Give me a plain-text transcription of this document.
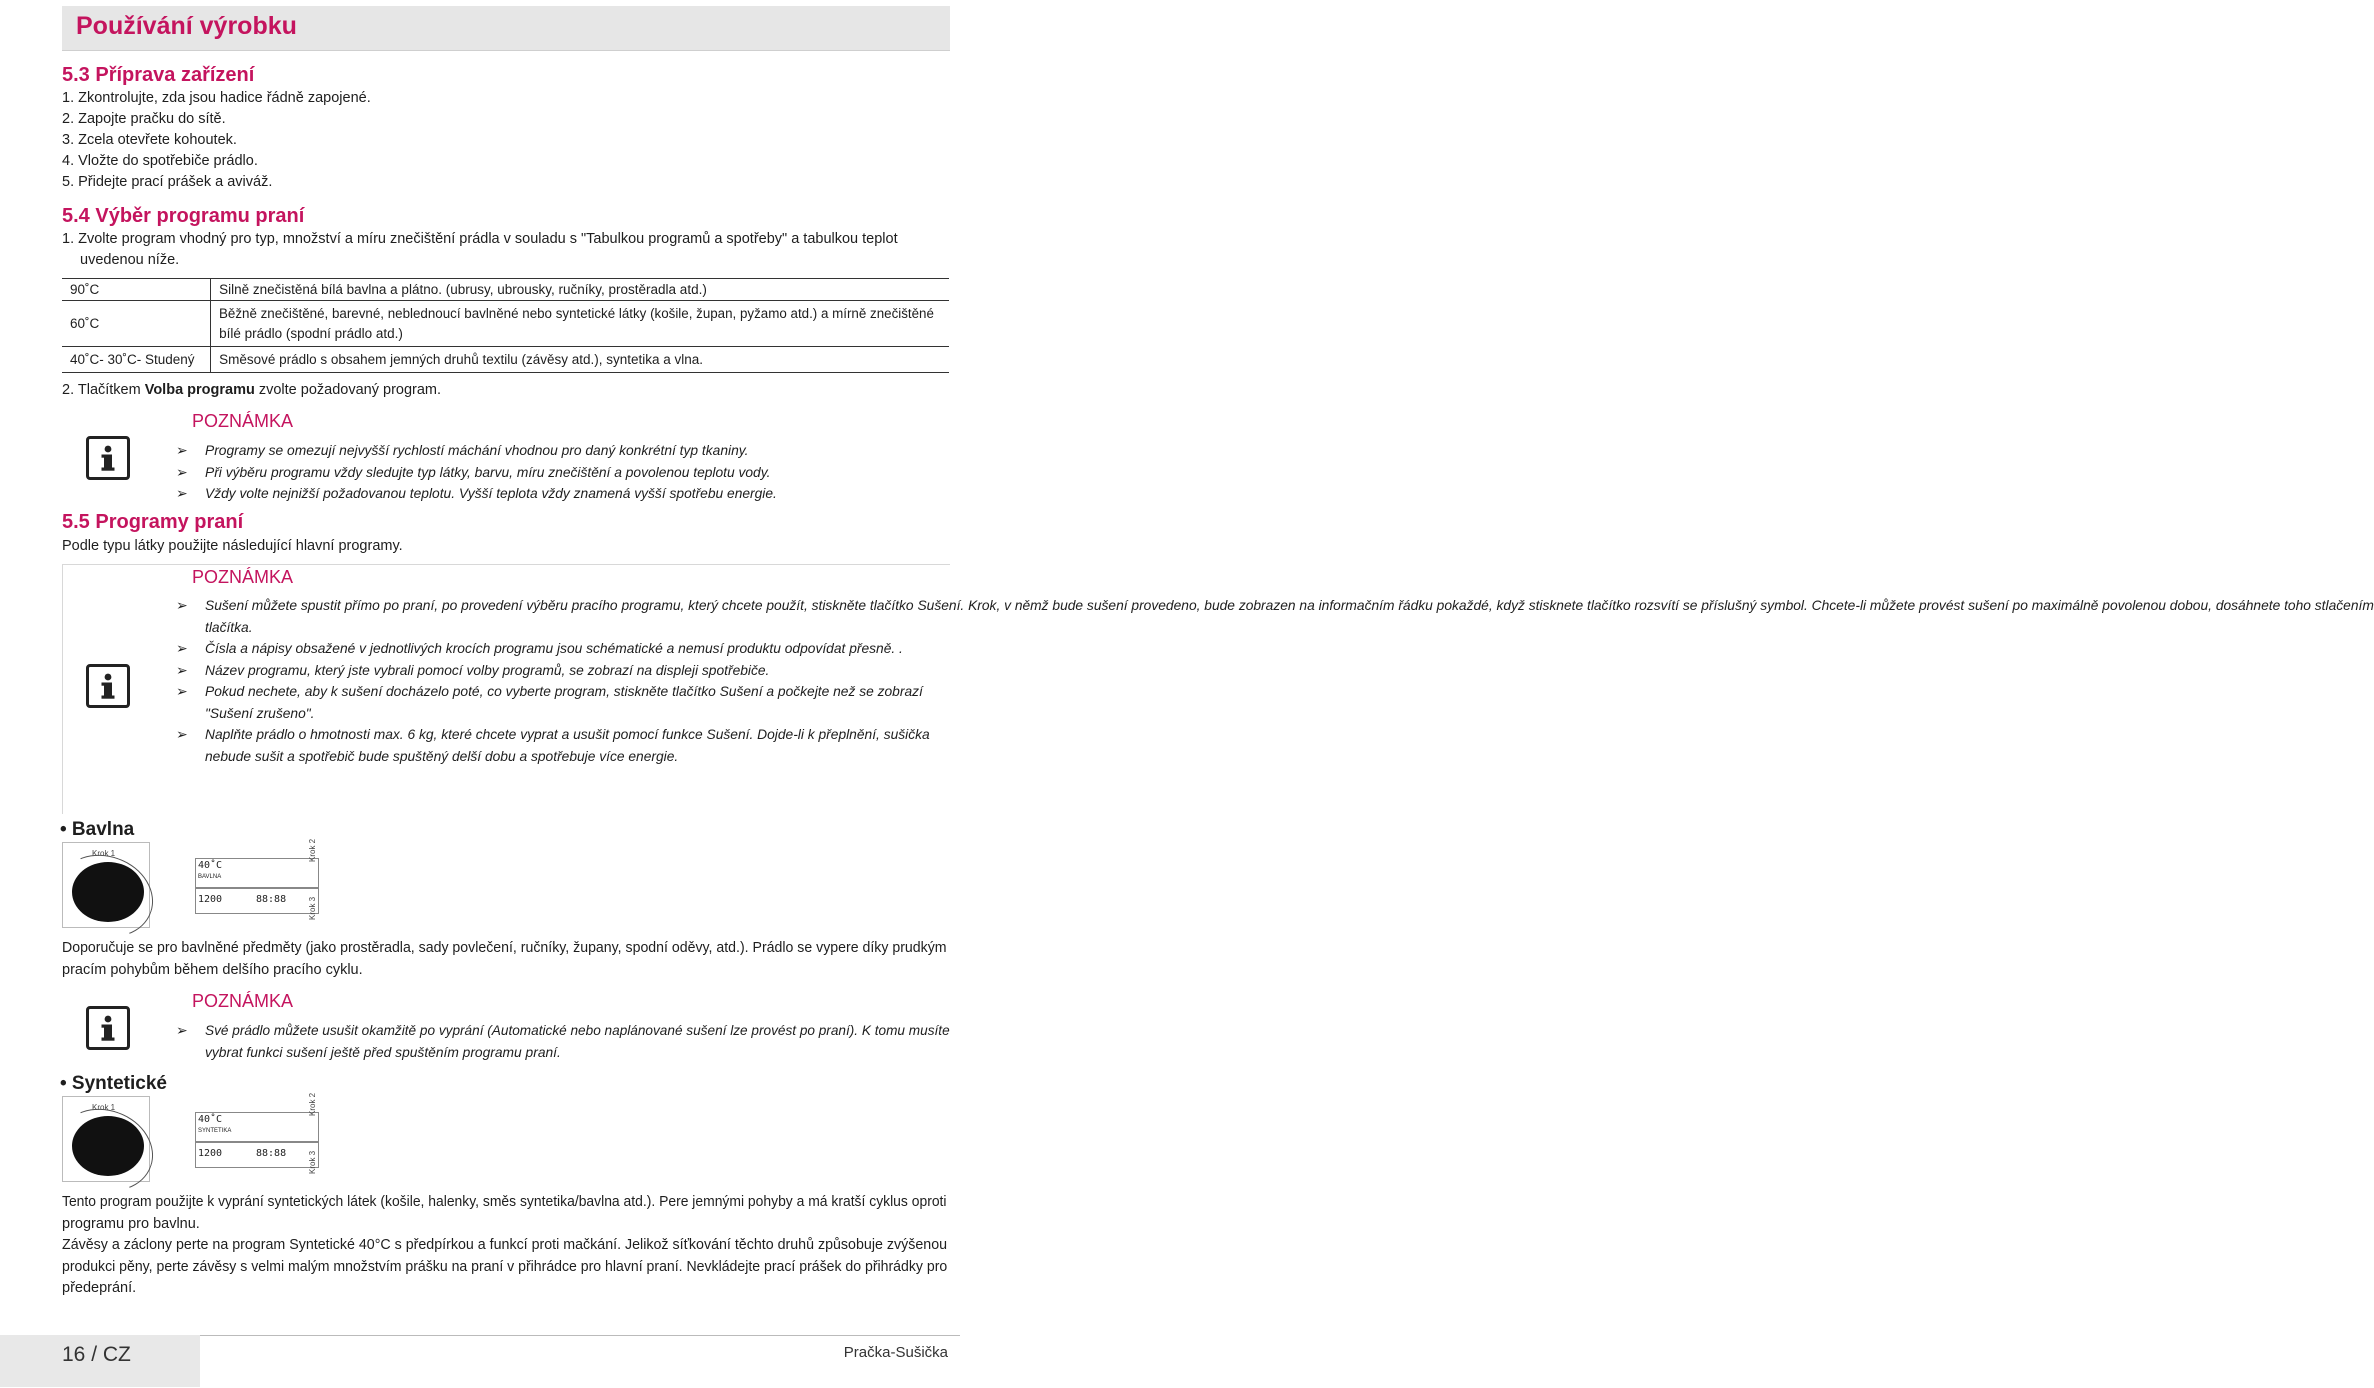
Používání výrobku
5.3 Příprava zařízení
1. Zkontrolujte, zda jsou hadice řádně zapojené.
2. Zapojte pračku do sítě.
3. Zcela otevřete kohoutek.
4. Vložte do spotřebiče prádlo.
5. Přidejte prací prášek a aviváž.
5.4 Výběr programu praní
1. Zvolte program vhodný pro typ, množství a míru znečištění prádla v souladu s "Tabulkou programů a spotřeby" a tabulkou teplot
uvedenou níže.
90˚C	Silně znečistěná bílá bavlna a plátno. (ubrusy, ubrousky, ručníky, prostěradla atd.)
60˚C	Běžně znečištěné, barevné, neblednoucí bavlněné nebo syntetické látky (košile, župan, pyžamo atd.) a mírně znečištěné
bílé prádlo (spodní prádlo atd.)

40˚C- 30˚C- Studený	Směsové prádlo s obsahem jemných druhů textilu (závěsy atd.), syntetika a vlna.
2. Tlačítkem Volba programu zvolte požadovaný program.
POZNÁMKA
➢ Programy se omezují nejvyšší rychlostí máchání vhodnou pro daný konkrétní typ tkaniny.
➢ Při výběru programu vždy sledujte typ látky, barvu, míru znečištění a povolenou teplotu vody.
➢ Vždy volte nejnižší požadovanou teplotu. Vyšší teplota vždy znamená vyšší spotřebu energie.
5.5 Programy praní
Podle typu látky použijte následující hlavní programy.
POZNÁMKA
➢ Sušení můžete spustit přímo po praní, po provedení výběru pracího programu, který chcete použít, stiskněte tlačítko Sušení. Krok, v němž bude sušení provedeno, bude zobrazen na informačním řádku pokaždé, když stisknete tlačítko rozsvítí se příslušný symbol. Chcete-li můžete provést sušení po maximálně povolenou dobou, dosáhnete toho stlačením
tlačítka.
➢ Čísla a nápisy obsažené v jednotlivých krocích programu jsou schématické a nemusí produktu odpovídat přesně. .
➢ Název programu, který jste vybrali pomocí volby programů, se zobrazí na displeji spotřebiče.
➢ Pokud nechete, aby k sušení docházelo poté, co vyberte program, stiskněte tlačítko Sušení a počkejte než se zobrazí
"Sušení zrušeno".
➢ Naplňte prádlo o hmotnosti max. 6 kg, které chcete vyprat a usušit pomocí funkce Sušení. Dojde-li k přeplnění, sušička
nebude sušit a spotřebič bude spuštěný delší dobu a spotřebuje více energie.
• Bavlna
Krok 1
40˚C
BAVLNA
1200	88:88
Krok 2
Krok 3
Doporučuje se pro bavlněné předměty (jako prostěradla, sady povlečení, ručníky, župany, spodní oděvy, atd.). Prádlo se vypere díky prudkým
pracím pohybům během delšího pracího cyklu.
POZNÁMKA
➢ Své prádlo můžete usušit okamžitě po vyprání (Automatické nebo naplánované sušení lze provést po praní). K tomu musíte
vybrat funkci sušení ještě před spuštěním programu praní.
• Syntetické
Krok 1
40˚C
SYNTETIKA
1200	88:88
Krok 2
Krok 3
Tento program použijte k vyprání syntetických látek (košile, halenky, směs syntetika/bavlna atd.). Pere jemnými pohyby a má kratší cyklus oproti
programu pro bavlnu.
Závěsy a záclony perte na program Syntetické 40°C s předpírkou a funkcí proti mačkání. Jelikož síťkování těchto druhů způsobuje zvýšenou produkci pěny, perte závěsy s velmi malým množstvím prášku na praní v přihrádce pro hlavní praní. Nevkládejte prací prášek do přihrádky pro
předeprání.
16 / CZ	Pračka-Sušička
